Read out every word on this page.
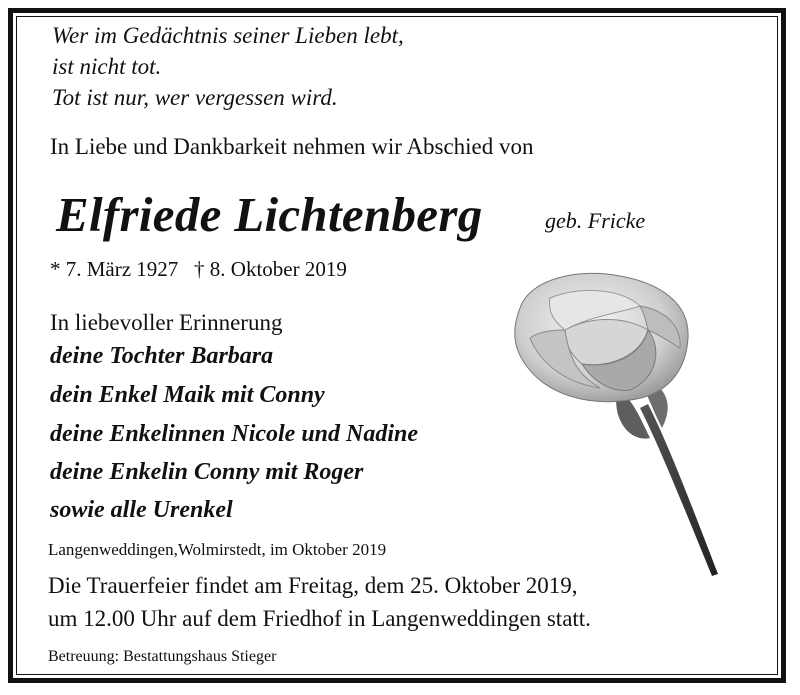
Wer im Gedächtnis seiner Lieben lebt,
ist nicht tot.
Tot ist nur, wer vergessen wird.
In Liebe und Dankbarkeit nehmen wir Abschied von
Elfriede Lichtenberg	geb. Fricke
* 7. März 1927   † 8. Oktober 2019
In liebevoller Erinnerung
deine Tochter Barbara
dein Enkel Maik mit Conny
deine Enkelinnen Nicole und Nadine
deine Enkelin Conny mit Roger
sowie alle Urenkel
Langenweddingen,Wolmirstedt, im Oktober 2019
Die Trauerfeier findet am Freitag, dem 25. Oktober 2019,
um 12.00 Uhr auf dem Friedhof in Langenweddingen statt.
Betreuung: Bestattungshaus Stieger
